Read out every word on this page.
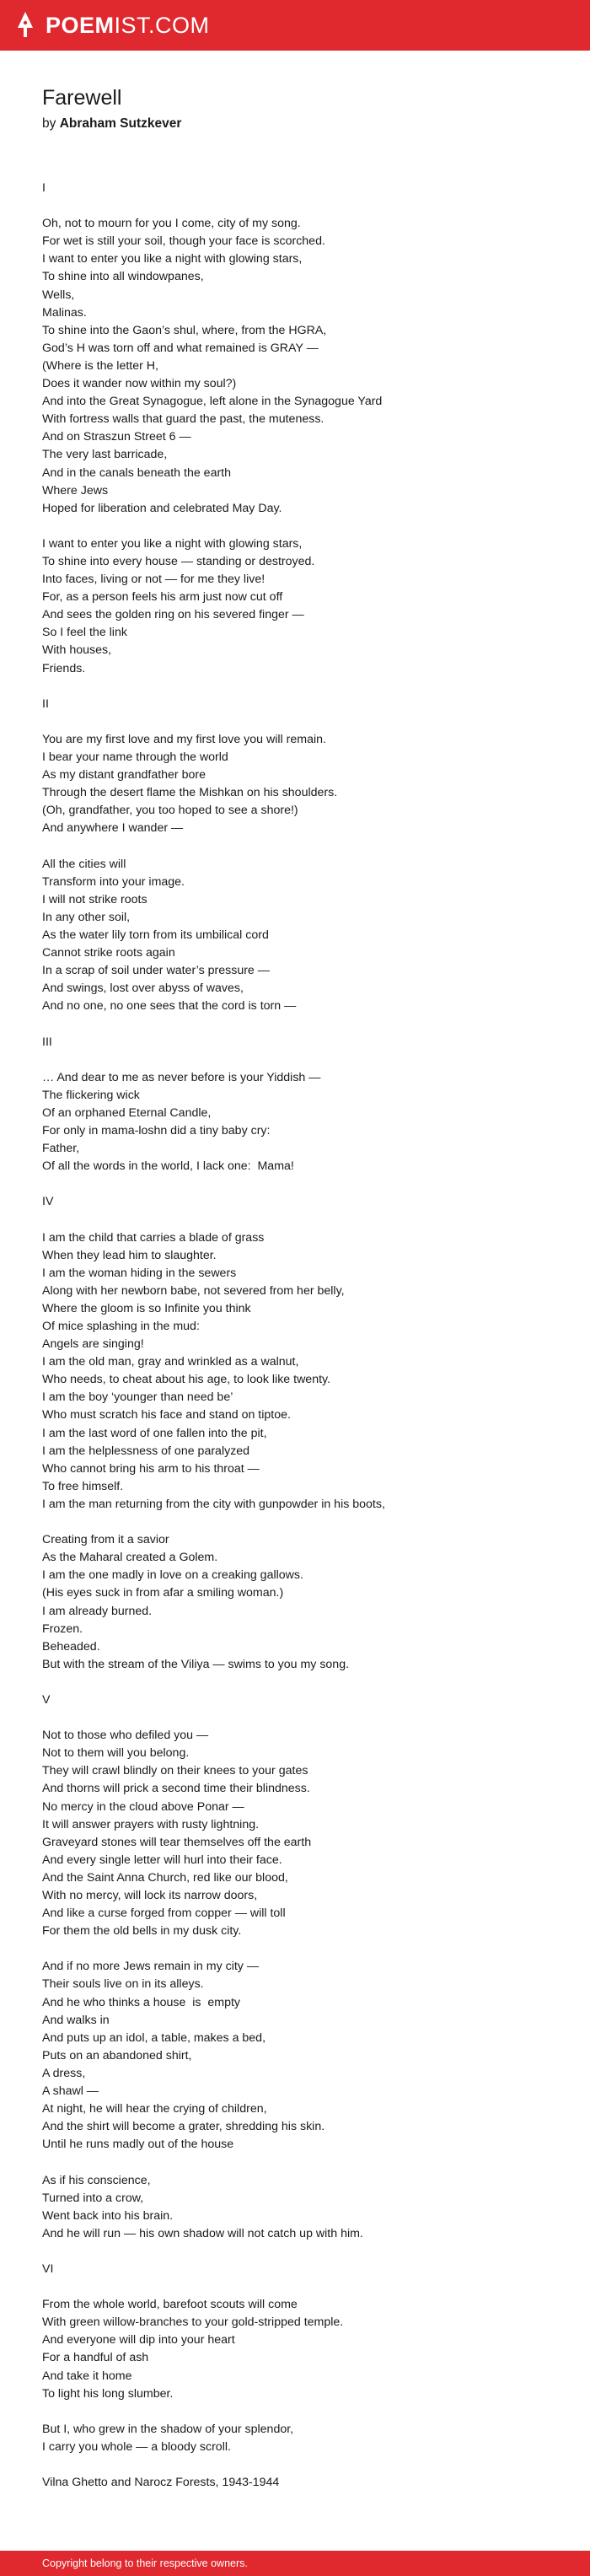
POEMIST.COM
Farewell
by Abraham Sutzkever
I
Oh, not to mourn for you I come, city of my song.
For wet is still your soil, though your face is scorched.
I want to enter you like a night with glowing stars,
To shine into all windowpanes,
Wells,
Malinas.
To shine into the Gaon’s shul, where, from the HGRA,
God’s H was torn off and what remained is GRAY —
(Where is the letter H,
Does it wander now within my soul?)
And into the Great Synagogue, left alone in the Synagogue Yard
With fortress walls that guard the past, the muteness.
And on Straszun Street 6 —
The very last barricade,
And in the canals beneath the earth
Where Jews
Hoped for liberation and celebrated May Day.
I want to enter you like a night with glowing stars,
To shine into every house — standing or destroyed.
Into faces, living or not — for me they live!
For, as a person feels his arm just now cut off
And sees the golden ring on his severed finger —
So I feel the link
With houses,
Friends.
II
You are my first love and my first love you will remain.
I bear your name through the world
As my distant grandfather bore
Through the desert flame the Mishkan on his shoulders.
(Oh, grandfather, you too hoped to see a shore!)
And anywhere I wander —
All the cities will
Transform into your image.
I will not strike roots
In any other soil,
As the water lily torn from its umbilical cord
Cannot strike roots again
In a scrap of soil under water’s pressure —
And swings, lost over abyss of waves,
And no one, no one sees that the cord is torn —
III
… And dear to me as never before is your Yiddish —
The flickering wick
Of an orphaned Eternal Candle,
For only in mama-loshn did a tiny baby cry:
Father,
Of all the words in the world, I lack one:  Mama!
IV
I am the child that carries a blade of grass
When they lead him to slaughter.
I am the woman hiding in the sewers
Along with her newborn babe, not severed from her belly,
Where the gloom is so Infinite you think
Of mice splashing in the mud:
Angels are singing!
I am the old man, gray and wrinkled as a walnut,
Who needs, to cheat about his age, to look like twenty.
I am the boy ‘younger than need be’
Who must scratch his face and stand on tiptoe.
I am the last word of one fallen into the pit,
I am the helplessness of one paralyzed
Who cannot bring his arm to his throat —
To free himself.
I am the man returning from the city with gunpowder in his boots,
Creating from it a savior
As the Maharal created a Golem.
I am the one madly in love on a creaking gallows.
(His eyes suck in from afar a smiling woman.)
I am already burned.
Frozen.
Beheaded.
But with the stream of the Viliya — swims to you my song.
V
Not to those who defiled you —
Not to them will you belong.
They will crawl blindly on their knees to your gates
And thorns will prick a second time their blindness.
No mercy in the cloud above Ponar —
It will answer prayers with rusty lightning.
Graveyard stones will tear themselves off the earth
And every single letter will hurl into their face.
And the Saint Anna Church, red like our blood,
With no mercy, will lock its narrow doors,
And like a curse forged from copper — will toll
For them the old bells in my dusk city.
And if no more Jews remain in my city —
Their souls live on in its alleys.
And he who thinks a house  is  empty
And walks in
And puts up an idol, a table, makes a bed,
Puts on an abandoned shirt,
A dress,
A shawl —
At night, he will hear the crying of children,
And the shirt will become a grater, shredding his skin.
Until he runs madly out of the house
As if his conscience,
Turned into a crow,
Went back into his brain.
And he will run — his own shadow will not catch up with him.
VI
From the whole world, barefoot scouts will come
With green willow-branches to your gold-stripped temple.
And everyone will dip into your heart
For a handful of ash
And take it home
To light his long slumber.
But I, who grew in the shadow of your splendor,
I carry you whole — a bloody scroll.
Vilna Ghetto and Narocz Forests, 1943-1944
Copyright belong to their respective owners.
